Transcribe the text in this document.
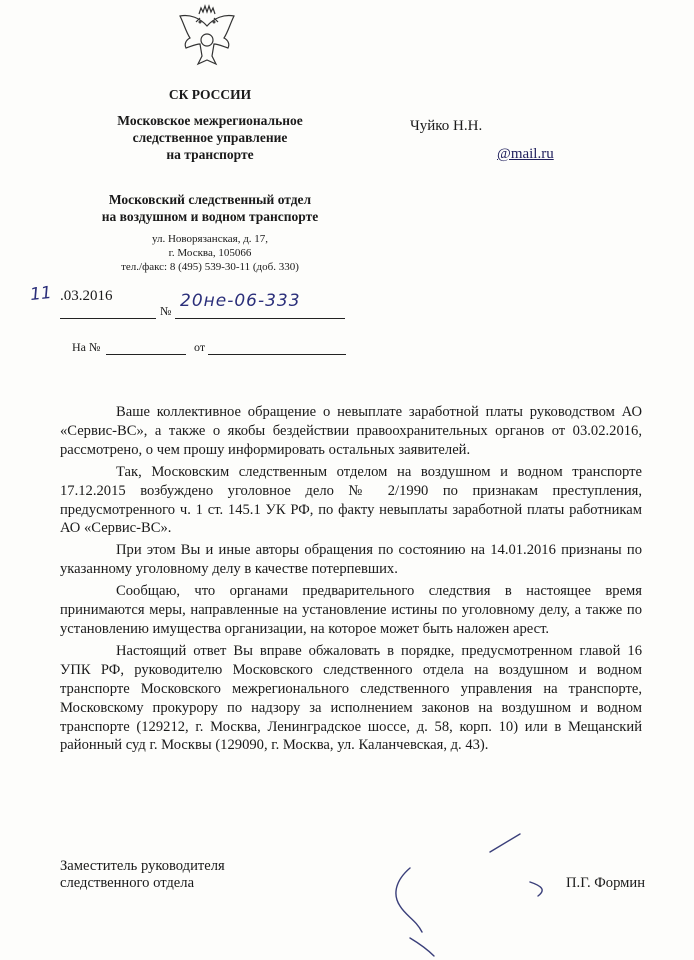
СК РОССИИ
Московское межрегиональное
следственное управление
на транспорте
Московский следственный отдел
на воздушном и водном транспорте
ул. Новорязанская, д. 17,
г. Москва, 105066
тел./факс: 8 (495) 539-30-11 (доб. 330)
Чуйко Н.Н.
@mail.ru
11 .03.2016
№ 20не-06-333
На №	от

Ваше коллективное обращение о невыплате заработной платы руководством АО «Сервис-ВС», а также о якобы бездействии правоохранительных органов от 03.02.2016, рассмотрено, о чем прошу информировать остальных заявителей.

Так, Московским следственным отделом на воздушном и водном транспорте 17.12.2015 возбуждено уголовное дело № 2/1990 по признакам преступления, предусмотренного ч. 1 ст. 145.1 УК РФ, по факту невыплаты заработной платы работникам АО «Сервис-ВС».

При этом Вы и иные авторы обращения по состоянию на 14.01.2016 признаны по указанному уголовному делу в качестве потерпевших.

Сообщаю, что органами предварительного следствия в настоящее время принимаются меры, направленные на установление истины по уголовному делу, а также по установлению имущества организации, на которое может быть наложен арест.

Настоящий ответ Вы вправе обжаловать в порядке, предусмотренном главой 16 УПК РФ, руководителю Московского следственного отдела на воздушном и водном транспорте Московского межрегионального следственного управления на транспорте, Московскому прокурору по надзору за исполнением законов на воздушном и водном транспорте (129212, г. Москва, Ленинградское шоссе, д. 58, корп. 10) или в Мещанский районный суд г. Москвы (129090, г. Москва, ул. Каланчевская, д. 43).

Заместитель руководителя
следственного отдела	П.Г. Формин
